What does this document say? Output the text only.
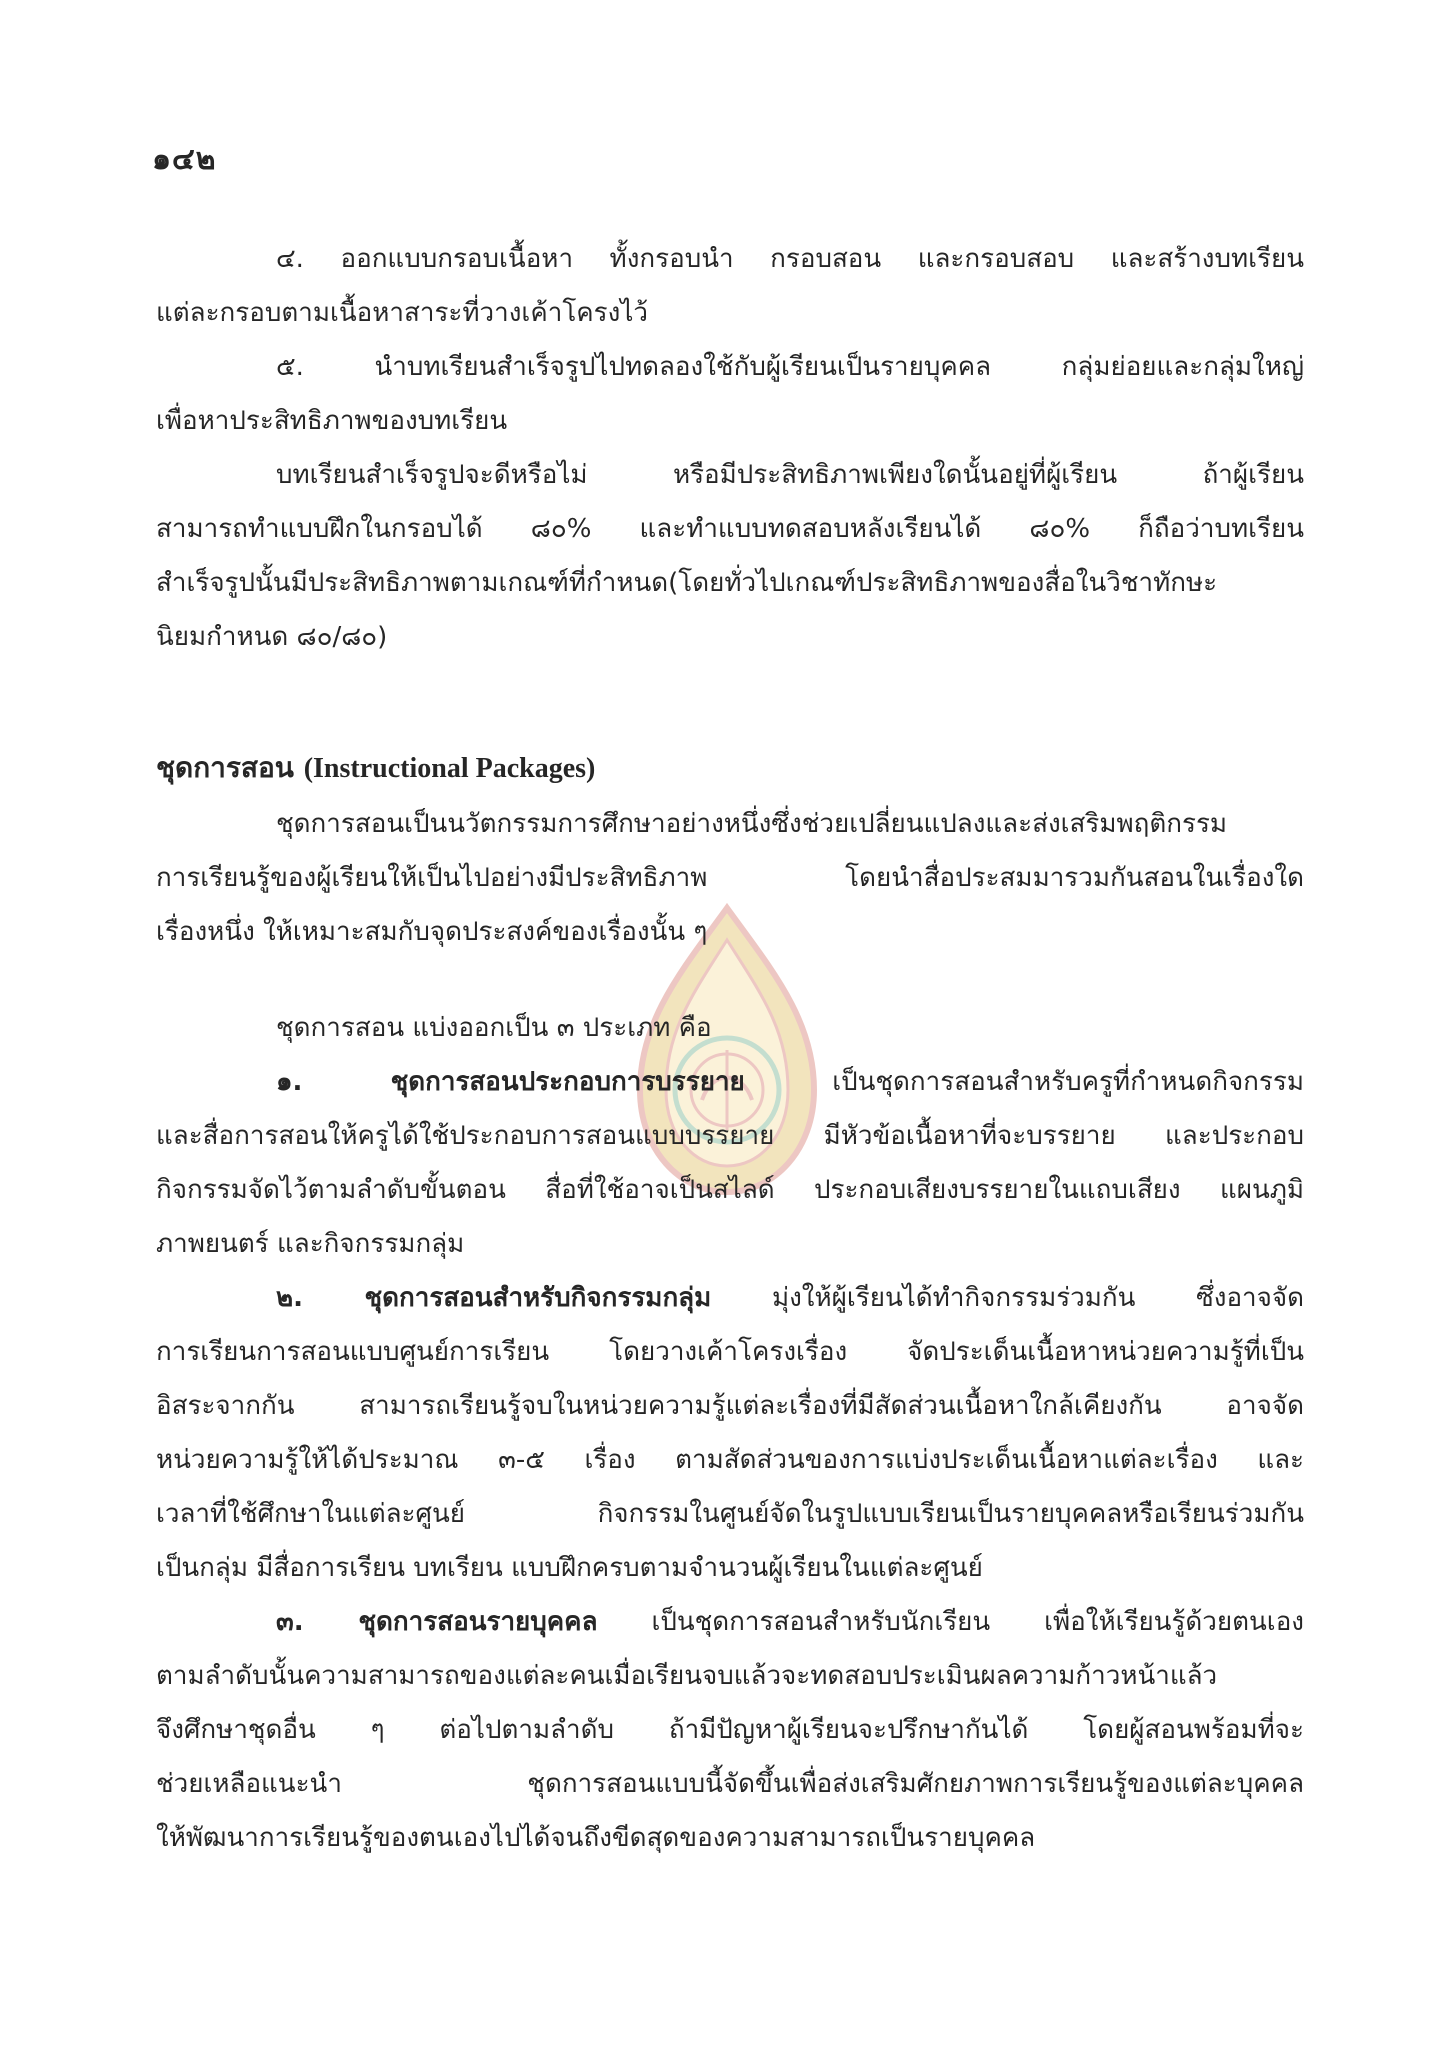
๑๔๒

๔. ออกแบบกรอบเนื้อหา ทั้งกรอบนำ กรอบสอน และกรอบสอบ และสร้างบทเรียน
แต่ละกรอบตามเนื้อหาสาระที่วางเค้าโครงไว้

๕. นำบทเรียนสำเร็จรูปไปทดลองใช้กับผู้เรียนเป็นรายบุคคล กลุ่มย่อยและกลุ่มใหญ่
เพื่อหาประสิทธิภาพของบทเรียน

บทเรียนสำเร็จรูปจะดีหรือไม่ หรือมีประสิทธิภาพเพียงใดนั้นอยู่ที่ผู้เรียน ถ้าผู้เรียน
สามารถทำแบบฝึกในกรอบได้ ๘๐% และทำแบบทดสอบหลังเรียนได้ ๘๐% ก็ถือว่าบทเรียน
สำเร็จรูปนั้นมีประสิทธิภาพตามเกณฑ์ที่กำหนด(โดยทั่วไปเกณฑ์ประสิทธิภาพของสื่อในวิชาทักษะ
นิยมกำหนด ๘๐/๘๐)

ชุดการสอน (Instructional Packages)

ชุดการสอนเป็นนวัตกรรมการศึกษาอย่างหนึ่งซึ่งช่วยเปลี่ยนแปลงและส่งเสริมพฤติกรรม
การเรียนรู้ของผู้เรียนให้เป็นไปอย่างมีประสิทธิภาพ โดยนำสื่อประสมมารวมกันสอนในเรื่องใด
เรื่องหนึ่ง ให้เหมาะสมกับจุดประสงค์ของเรื่องนั้น ๆ

ชุดการสอน แบ่งออกเป็น ๓ ประเภท คือ

๑. ชุดการสอนประกอบการบรรยาย	เป็นชุดการสอนสำหรับครูที่กำหนดกิจกรรม
และสื่อการสอนให้ครูได้ใช้ประกอบการสอนแบบบรรยาย มีหัวข้อเนื้อหาที่จะบรรยาย และประกอบ
กิจกรรมจัดไว้ตามลำดับขั้นตอน สื่อที่ใช้อาจเป็นสไลด์ ประกอบเสียงบรรยายในแถบเสียง แผนภูมิ
ภาพยนตร์ และกิจกรรมกลุ่ม

๒. ชุดการสอนสำหรับกิจกรรมกลุ่ม มุ่งให้ผู้เรียนได้ทำกิจกรรมร่วมกัน ซึ่งอาจจัด
การเรียนการสอนแบบศูนย์การเรียน โดยวางเค้าโครงเรื่อง จัดประเด็นเนื้อหาหน่วยความรู้ที่เป็น
อิสระจากกัน สามารถเรียนรู้จบในหน่วยความรู้แต่ละเรื่องที่มีสัดส่วนเนื้อหาใกล้เคียงกัน อาจจัด
หน่วยความรู้ให้ได้ประมาณ ๓-๕ เรื่อง ตามสัดส่วนของการแบ่งประเด็นเนื้อหาแต่ละเรื่อง และ
เวลาที่ใช้ศึกษาในแต่ละศูนย์ กิจกรรมในศูนย์จัดในรูปแบบเรียนเป็นรายบุคคลหรือเรียนร่วมกัน
เป็นกลุ่ม มีสื่อการเรียน บทเรียน แบบฝึกครบตามจำนวนผู้เรียนในแต่ละศูนย์

๓. ชุดการสอนรายบุคคล เป็นชุดการสอนสำหรับนักเรียน เพื่อให้เรียนรู้ด้วยตนเอง
ตามลำดับนั้นความสามารถของแต่ละคนเมื่อเรียนจบแล้วจะทดสอบประเมินผลความก้าวหน้าแล้ว
จึงศึกษาชุดอื่น ๆ ต่อไปตามลำดับ ถ้ามีปัญหาผู้เรียนจะปรึกษากันได้ โดยผู้สอนพร้อมที่จะ
ช่วยเหลือแนะนำ ชุดการสอนแบบนี้จัดขึ้นเพื่อส่งเสริมศักยภาพการเรียนรู้ของแต่ละบุคคล
ให้พัฒนาการเรียนรู้ของตนเองไปได้จนถึงขีดสุดของความสามารถเป็นรายบุคคล
